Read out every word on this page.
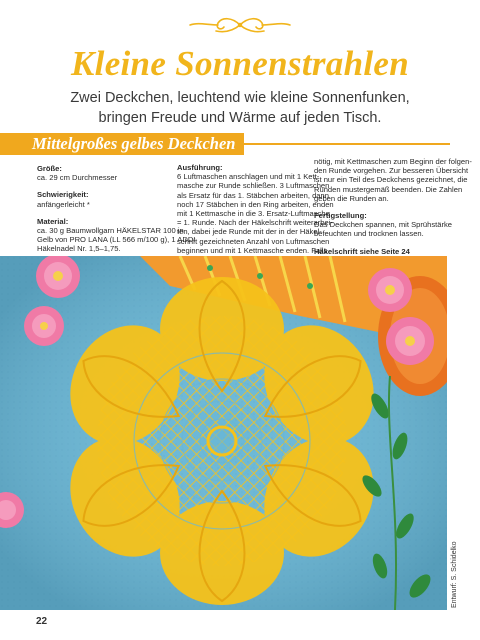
Kleine Sonnenstrahlen
Zwei Deckchen, leuchtend wie kleine Sonnenfunken,
bringen Freude und Wärme auf jeden Tisch.
Mittelgroßes gelbes Deckchen
Größe:
ca. 29 cm Durchmesser
Schwierigkeit:
anfängerleicht *
Material:
ca. 30 g Baumwollgarn HÄKELSTAR 100 in
Gelb von PRO LANA (LL 566 m/100 g), 1 ADDI
Häkelnadel Nr. 1,5–1,75.
Ausführung:
6 Luftmaschen anschlagen und mit 1 Kett-
masche zur Runde schließen. 3 Luftmaschen
als Ersatz für das 1. Stäbchen arbeiten, dann
noch 17 Stäbchen in den Ring arbeiten, enden
mit 1 Kettmasche in die 3. Ersatz-Luftmasche
= 1. Runde. Nach der Häkelschrift weiterarbei-
ten, dabei jede Runde mit der in der Häkel-
schrift gezeichneten Anzahl von Luftmaschen
beginnen und mit 1 Kettmasche enden. Falls
nötig, mit Kettmaschen zum Beginn der folgen-
den Runde vorgehen. Zur besseren Übersicht
ist nur ein Teil des Deckchens gezeichnet, die
Runden mustergemäß beenden. Die Zahlen
geben die Runden an.
Fertigstellung:
Das Deckchen spannen, mit Sprühstärke
befeuchten und trocknen lassen.
Häkelschrift siehe Seite 24
Entwurf: S. Schidelko
22
